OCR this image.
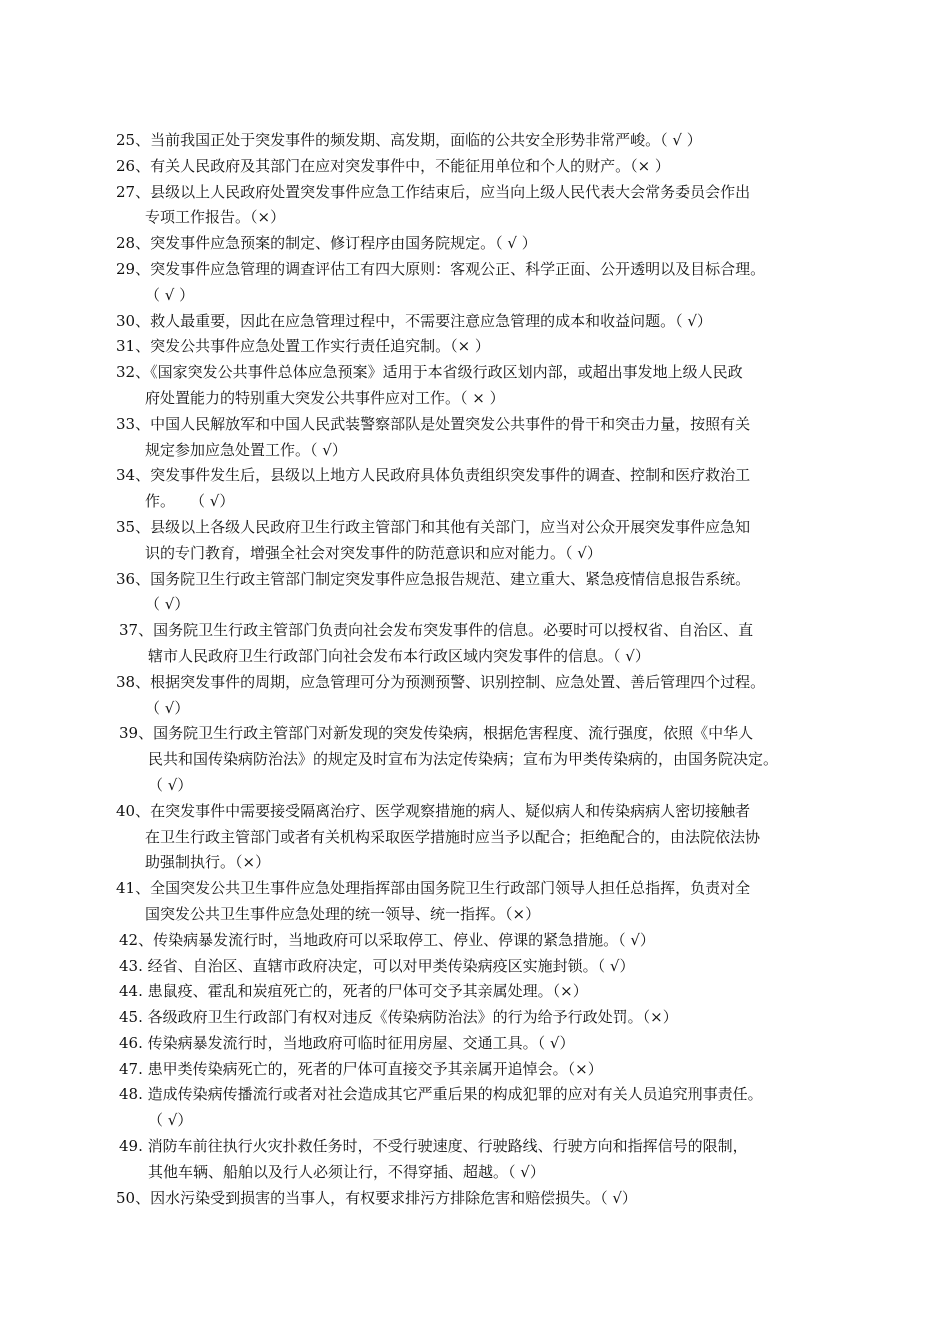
25、当前我国正处于突发事件的频发期、高发期，面临的公共安全形势非常严峻。（ √ ）
26、有关人民政府及其部门在应对突发事件中，不能征用单位和个人的财产。（× ）
27、县级以上人民政府处置突发事件应急工作结束后，应当向上级人民代表大会常务委员会作出
专项工作报告。（×）
28、突发事件应急预案的制定、修订程序由国务院规定。（ √ ）
29、突发事件应急管理的调查评估工有四大原则：客观公正、科学正面、公开透明以及目标合理。
（ √ ）
30、救人最重要，因此在应急管理过程中，不需要注意应急管理的成本和收益问题。（ √）
31、突发公共事件应急处置工作实行责任追究制。（× ）
32、《国家突发公共事件总体应急预案》适用于本省级行政区划内部，或超出事发地上级人民政
府处置能力的特别重大突发公共事件应对工作。（ × ）
33、中国人民解放军和中国人民武装警察部队是处置突发公共事件的骨干和突击力量，按照有关
规定参加应急处置工作。（ √）
34、突发事件发生后，县级以上地方人民政府具体负责组织突发事件的调查、控制和医疗救治工
作。　　（ √）
35、县级以上各级人民政府卫生行政主管部门和其他有关部门，应当对公众开展突发事件应急知
识的专门教育，增强全社会对突发事件的防范意识和应对能力。（ √）
36、国务院卫生行政主管部门制定突发事件应急报告规范、建立重大、紧急疫情信息报告系统。
（ √）
37、国务院卫生行政主管部门负责向社会发布突发事件的信息。必要时可以授权省、自治区、直
辖市人民政府卫生行政部门向社会发布本行政区域内突发事件的信息。（ √）
38、根据突发事件的周期，应急管理可分为预测预警、识别控制、应急处置、善后管理四个过程。
（ √）
39、国务院卫生行政主管部门对新发现的突发传染病，根据危害程度、流行强度，依照《中华人
民共和国传染病防治法》的规定及时宣布为法定传染病；宣布为甲类传染病的，由国务院决定。
（ √）
40、在突发事件中需要接受隔离治疗、医学观察措施的病人、疑似病人和传染病病人密切接触者
在卫生行政主管部门或者有关机构采取医学措施时应当予以配合；拒绝配合的，由法院依法协
助强制执行。（×）
41、全国突发公共卫生事件应急处理指挥部由国务院卫生行政部门领导人担任总指挥，负责对全
国突发公共卫生事件应急处理的统一领导、统一指挥。（×）
42、传染病暴发流行时，当地政府可以采取停工、停业、停课的紧急措施。（ √）
43. 经省、自治区、直辖市政府决定，可以对甲类传染病疫区实施封锁。（ √）
44. 患鼠疫、霍乱和炭疽死亡的，死者的尸体可交予其亲属处理。（×）
45. 各级政府卫生行政部门有权对违反《传染病防治法》的行为给予行政处罚。（×）
46. 传染病暴发流行时，当地政府可临时征用房屋、交通工具。（ √）
47. 患甲类传染病死亡的，死者的尸体可直接交予其亲属开追悼会。（×）
48. 造成传染病传播流行或者对社会造成其它严重后果的构成犯罪的应对有关人员追究刑事责任。
（ √）
49. 消防车前往执行火灾扑救任务时，不受行驶速度、行驶路线、行驶方向和指挥信号的限制，
其他车辆、船舶以及行人必须让行，不得穿插、超越。（ √）
50、因水污染受到损害的当事人，有权要求排污方排除危害和赔偿损失。（ √）
